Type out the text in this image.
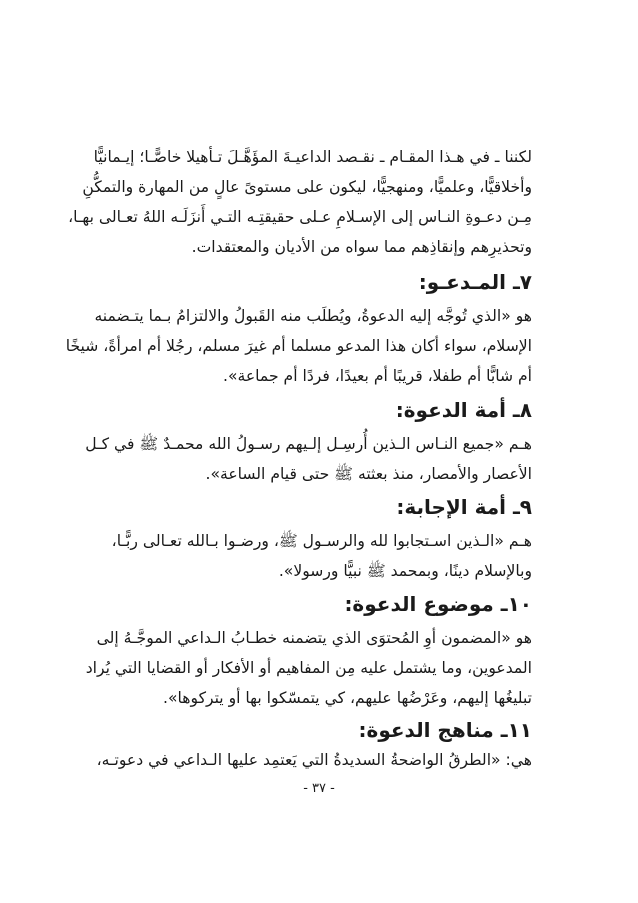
لكننا ـ في هـذا المقـام ـ نقـصد الداعيـةَ المؤَهَّـلَ تـأهيلا خاصًّـا؛ إيـمانيًّا
وأخلاقيًّا، وعلميًّا، ومنهجيًّا، ليكون على مستوىً عالٍ من المهارة والتمكُّنِ
مِـن دعـوةِ النـاس إلى الإسـلامِ عـلى حقيقتِـه التـي أَنزَلَـه اللهُ تعـالى بهـا،
وتحذيرِهم وإنقاذِهم مما سواه من الأديان والمعتقدات.
٧ـ المـدعـو:
هو «الذي تُوجَّه إليه الدعوةُ، ويُطلَب منه القَبولُ والالتزامُ بـما يتـضمنه
الإسلام، سواء أكان هذا المدعو مسلما أم غيرَ مسلم، رجُلا أم امرأةً، شيخًا
أم شابًّا أم طفلا، قريبًا أم بعيدًا، فردًا أم جماعة».
٨ـ أمة الدعوة:
هـم «جميع النـاس الـذين أُرسِـل إلـيهم رسـولُ الله محمـدٌ ﷺ في كـل
الأعصار والأمصار، منذ بعثته ﷺ حتى قيام الساعة».
٩ـ أمة الإجابة:
هـم «الـذين اسـتجابوا لله والرسـول ﷺ، ورضـوا بـالله تعـالى ربًّـا،
وبالإسلام دينًا، وبمحمد ﷺ نبيًّا ورسولا».
١٠ـ موضوع الدعوة:
هو «المضمون أوِ المُحتوَى الذي يتضمنه خطـابُ الـداعي الموجَّـهُ إلى
المدعوين، وما يشتمل عليه مِن المفاهيم أو الأفكار أو القضايا التي يُراد
تبليغُها إليهم، وعَرْضُها عليهم، كي يتمسّكوا بها أو يتركوها».
١١ـ مناهج الدعوة:
هي: «الطرقُ الواضحةُ السديدةُ التي يَعتمِد عليها الـداعي في دعوتـه،
- ٣٧ -
